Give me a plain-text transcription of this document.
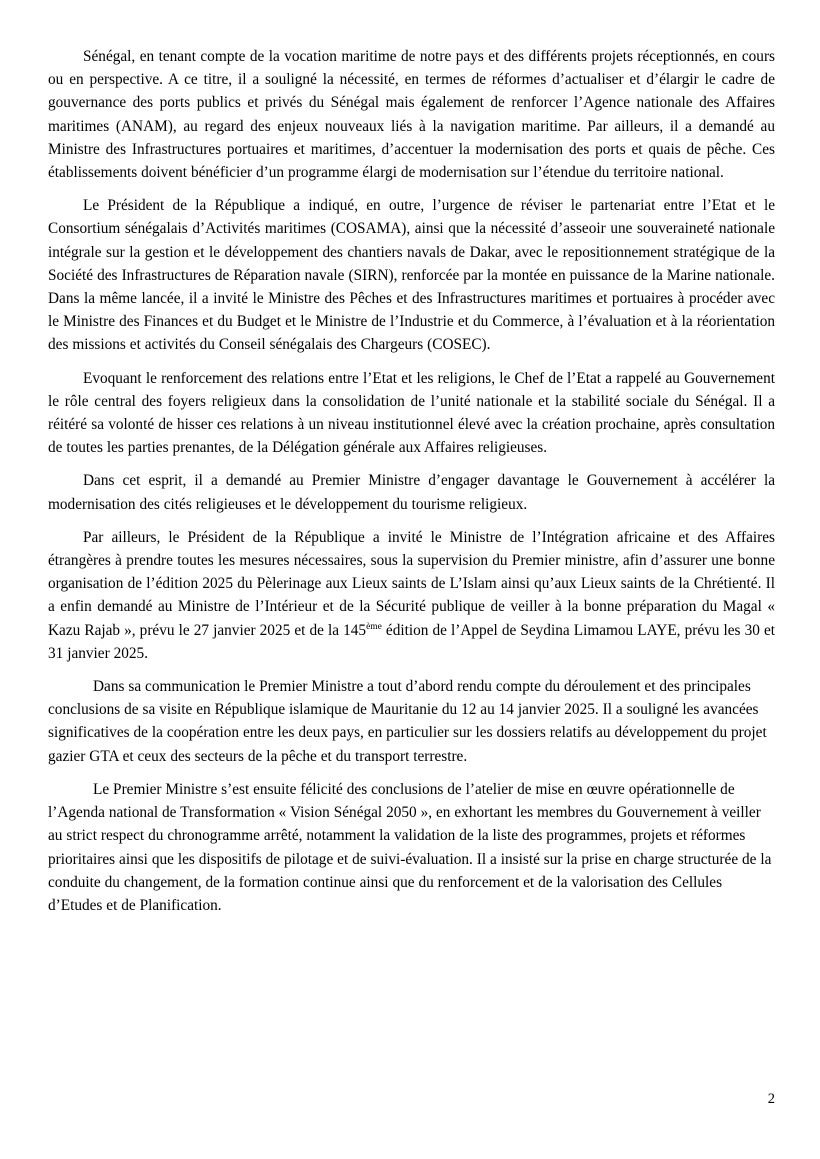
Sénégal, en tenant compte de la vocation maritime de notre pays et des différents projets réceptionnés, en cours ou en perspective. A ce titre, il a souligné la nécessité, en termes de réformes d’actualiser et d’élargir le cadre de gouvernance des ports publics et privés du Sénégal mais également de renforcer l’Agence nationale des Affaires maritimes (ANAM), au regard des enjeux nouveaux liés à la navigation maritime. Par ailleurs, il a demandé au Ministre des Infrastructures portuaires et maritimes, d’accentuer la modernisation des ports et quais de pêche. Ces établissements doivent bénéficier d’un programme élargi de modernisation sur l’étendue du territoire national.

Le Président de la République a indiqué, en outre, l’urgence de réviser le partenariat entre l’Etat et le Consortium sénégalais d’Activités maritimes (COSAMA), ainsi que la nécessité d’asseoir une souveraineté nationale intégrale sur la gestion et le développement des chantiers navals de Dakar, avec le repositionnement stratégique de la Société des Infrastructures de Réparation navale (SIRN), renforcée par la montée en puissance de la Marine nationale. Dans la même lancée, il a invité le Ministre des Pêches et des Infrastructures maritimes et portuaires à procéder avec le Ministre des Finances et du Budget et le Ministre de l’Industrie et du Commerce, à l’évaluation et à la réorientation des missions et activités du Conseil sénégalais des Chargeurs (COSEC).

Evoquant le renforcement des relations entre l’Etat et les religions, le Chef de l’Etat a rappelé au Gouvernement le rôle central des foyers religieux dans la consolidation de l’unité nationale et la stabilité sociale du Sénégal. Il a réitéré sa volonté de hisser ces relations à un niveau institutionnel élevé avec la création prochaine, après consultation de toutes les parties prenantes, de la Délégation générale aux Affaires religieuses.

Dans cet esprit, il a demandé au Premier Ministre d’engager davantage le Gouvernement à accélérer la modernisation des cités religieuses et le développement du tourisme religieux.

Par ailleurs, le Président de la République a invité le Ministre de l’Intégration africaine et des Affaires étrangères à prendre toutes les mesures nécessaires, sous la supervision du Premier ministre, afin d’assurer une bonne organisation de l’édition 2025 du Pèlerinage aux Lieux saints de L’Islam ainsi qu’aux Lieux saints de la Chrétienté. Il a enfin demandé au Ministre de l’Intérieur et de la Sécurité publique de veiller à la bonne préparation du Magal « Kazu Rajab », prévu le 27 janvier 2025 et de la 145ème édition de l’Appel de Seydina Limamou LAYE, prévu les 30 et 31 janvier 2025.

Dans sa communication le Premier Ministre a tout d’abord rendu compte du déroulement et des principales conclusions de sa visite en République islamique de Mauritanie du 12 au 14 janvier 2025. Il a souligné les avancées significatives de la coopération entre les deux pays, en particulier sur les dossiers relatifs au développement du projet gazier GTA et ceux des secteurs de la pêche et du transport terrestre.

Le Premier Ministre s’est ensuite félicité des conclusions de l’atelier de mise en œuvre opérationnelle de l’Agenda national de Transformation « Vision Sénégal 2050 », en exhortant les membres du Gouvernement à veiller au strict respect du chronogramme arrêté, notamment la validation de la liste des programmes, projets et réformes prioritaires ainsi que les dispositifs de pilotage et de suivi-évaluation. Il a insisté sur la prise en charge structurée de la conduite du changement, de la formation continue ainsi que du renforcement et de la valorisation des Cellules d’Etudes et de Planification.

2
